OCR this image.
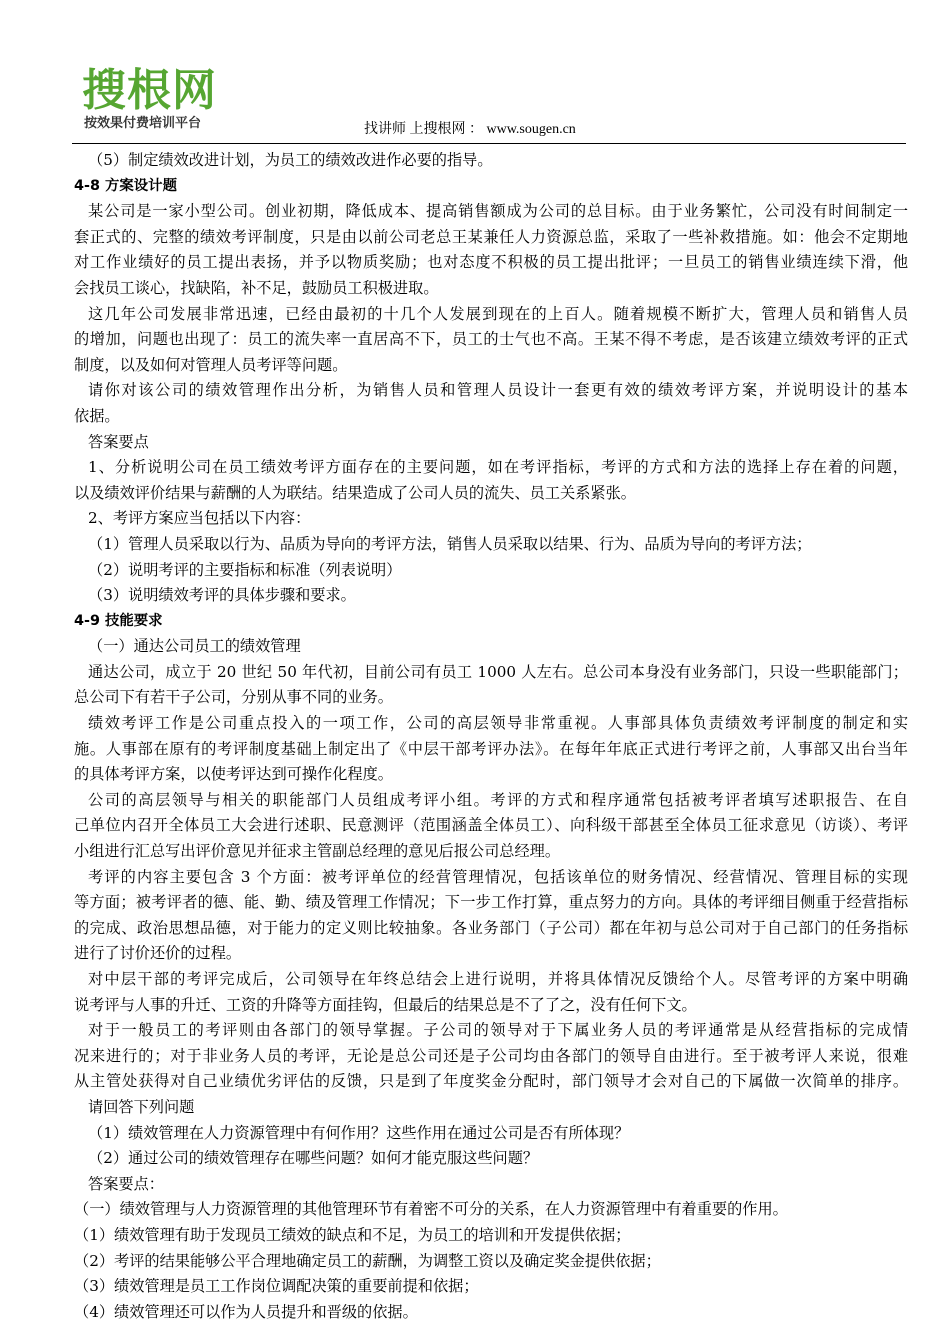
搜根网
按效果付费培训平台	找讲师 上搜根网 ： www.sougen.cn
（5）制定绩效改进计划，为员工的绩效改进作必要的指导。
4-8 方案设计题
某公司是一家小型公司。创业初期，降低成本、提高销售额成为公司的总目标。由于业务繁忙，公司没有时间制定一
套正式的、完整的绩效考评制度，只是由以前公司老总王某兼任人力资源总监，采取了一些补救措施。如：他会不定期地
对工作业绩好的员工提出表扬，并予以物质奖励；也对态度不积极的员工提出批评；一旦员工的销售业绩连续下滑，他
会找员工谈心，找缺陷，补不足，鼓励员工积极进取。
这几年公司发展非常迅速，已经由最初的十几个人发展到现在的上百人。随着规模不断扩大，管理人员和销售人员
的增加，问题也出现了：员工的流失率一直居高不下，员工的士气也不高。王某不得不考虑，是否该建立绩效考评的正式
制度，以及如何对管理人员考评等问题。
请你对该公司的绩效管理作出分析，为销售人员和管理人员设计一套更有效的绩效考评方案，并说明设计的基本
依据。
答案要点
1、分析说明公司在员工绩效考评方面存在的主要问题，如在考评指标，考评的方式和方法的选择上存在着的问题，
以及绩效评价结果与薪酬的人为联结。结果造成了公司人员的流失、员工关系紧张。
2、考评方案应当包括以下内容：
（1）管理人员采取以行为、品质为导向的考评方法，销售人员采取以结果、行为、品质为导向的考评方法；
（2）说明考评的主要指标和标准（列表说明）
（3）说明绩效考评的具体步骤和要求。
4-9 技能要求
（一）通达公司员工的绩效管理
通达公司，成立于 20 世纪 50 年代初，目前公司有员工 1000 人左右。总公司本身没有业务部门，只设一些职能部门；
总公司下有若干子公司，分别从事不同的业务。
绩效考评工作是公司重点投入的一项工作，公司的高层领导非常重视。人事部具体负责绩效考评制度的制定和实
施。人事部在原有的考评制度基础上制定出了《中层干部考评办法》。在每年年底正式进行考评之前，人事部又出台当年
的具体考评方案，以使考评达到可操作化程度。
公司的高层领导与相关的职能部门人员组成考评小组。考评的方式和程序通常包括被考评者填写述职报告、在自
己单位内召开全体员工大会进行述职、民意测评（范围涵盖全体员工）、向科级干部甚至全体员工征求意见（访谈）、考评
小组进行汇总写出评价意见并征求主管副总经理的意见后报公司总经理。
考评的内容主要包含 3 个方面：被考评单位的经营管理情况，包括该单位的财务情况、经营情况、管理目标的实现
等方面；被考评者的德、能、勤、绩及管理工作情况；下一步工作打算，重点努力的方向。具体的考评细目侧重于经营指标
的完成、政治思想品德，对于能力的定义则比较抽象。各业务部门（子公司）都在年初与总公司对于自己部门的任务指标
进行了讨价还价的过程。
对中层干部的考评完成后，公司领导在年终总结会上进行说明，并将具体情况反馈给个人。尽管考评的方案中明确
说考评与人事的升迁、工资的升降等方面挂钩，但最后的结果总是不了了之，没有任何下文。
对于一般员工的考评则由各部门的领导掌握。子公司的领导对于下属业务人员的考评通常是从经营指标的完成情
况来进行的；对于非业务人员的考评，无论是总公司还是子公司均由各部门的领导自由进行。至于被考评人来说，很难
从主管处获得对自己业绩优劣评估的反馈，只是到了年度奖金分配时，部门领导才会对自己的下属做一次简单的排序。
请回答下列问题
（1）绩效管理在人力资源管理中有何作用？这些作用在通过公司是否有所体现？
（2）通过公司的绩效管理存在哪些问题？如何才能克服这些问题？
答案要点：
（一）绩效管理与人力资源管理的其他管理环节有着密不可分的关系，在人力资源管理中有着重要的作用。
（1）绩效管理有助于发现员工绩效的缺点和不足，为员工的培训和开发提供依据；
（2）考评的结果能够公平合理地确定员工的薪酬，为调整工资以及确定奖金提供依据；
（3）绩效管理是员工工作岗位调配决策的重要前提和依据；
（4）绩效管理还可以作为人员提升和晋级的依据。
